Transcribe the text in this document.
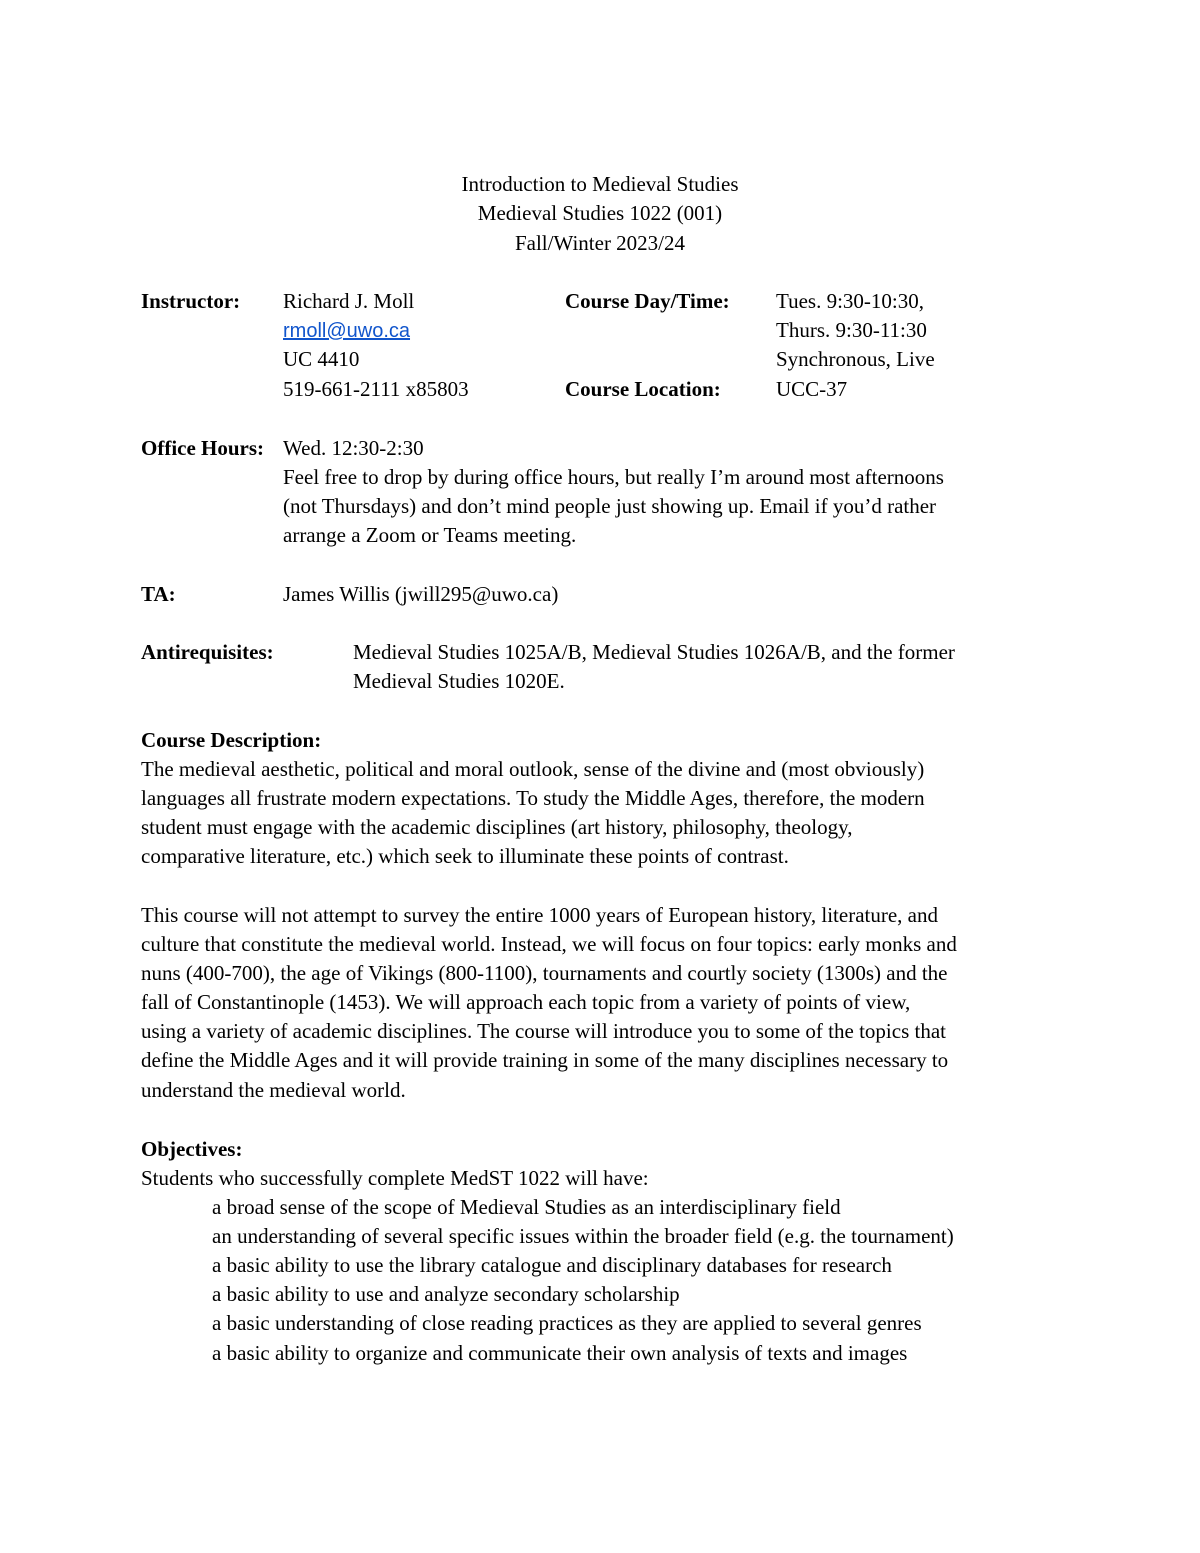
Introduction to Medieval Studies
Medieval Studies 1022 (001)
Fall/Winter 2023/24
Instructor: Richard J. Moll
rmoll@uwo.ca
UC 4410
519-661-2111 x85803
Course Day/Time: Tues. 9:30-10:30,
Thurs. 9:30-11:30
Synchronous, Live
Course Location:	UCC-37
Office Hours: Wed. 12:30-2:30
Feel free to drop by during office hours, but really I’m around most afternoons
(not Thursdays) and don’t mind people just showing up. Email if you’d rather
arrange a Zoom or Teams meeting.
TA:	James Willis (jwill295@uwo.ca)
Antirequisites:	Medieval Studies 1025A/B, Medieval Studies 1026A/B, and the former
Medieval Studies 1020E.
Course Description:
The medieval aesthetic, political and moral outlook, sense of the divine and (most obviously)
languages all frustrate modern expectations. To study the Middle Ages, therefore, the modern
student must engage with the academic disciplines (art history, philosophy, theology,
comparative literature, etc.) which seek to illuminate these points of contrast.
This course will not attempt to survey the entire 1000 years of European history, literature, and
culture that constitute the medieval world. Instead, we will focus on four topics: early monks and
nuns (400-700), the age of Vikings (800-1100), tournaments and courtly society (1300s) and the
fall of Constantinople (1453). We will approach each topic from a variety of points of view,
using a variety of academic disciplines. The course will introduce you to some of the topics that
define the Middle Ages and it will provide training in some of the many disciplines necessary to
understand the medieval world.
Objectives:
Students who successfully complete MedST 1022 will have:
a broad sense of the scope of Medieval Studies as an interdisciplinary field
an understanding of several specific issues within the broader field (e.g. the tournament)
a basic ability to use the library catalogue and disciplinary databases for research
a basic ability to use and analyze secondary scholarship
a basic understanding of close reading practices as they are applied to several genres
a basic ability to organize and communicate their own analysis of texts and images
